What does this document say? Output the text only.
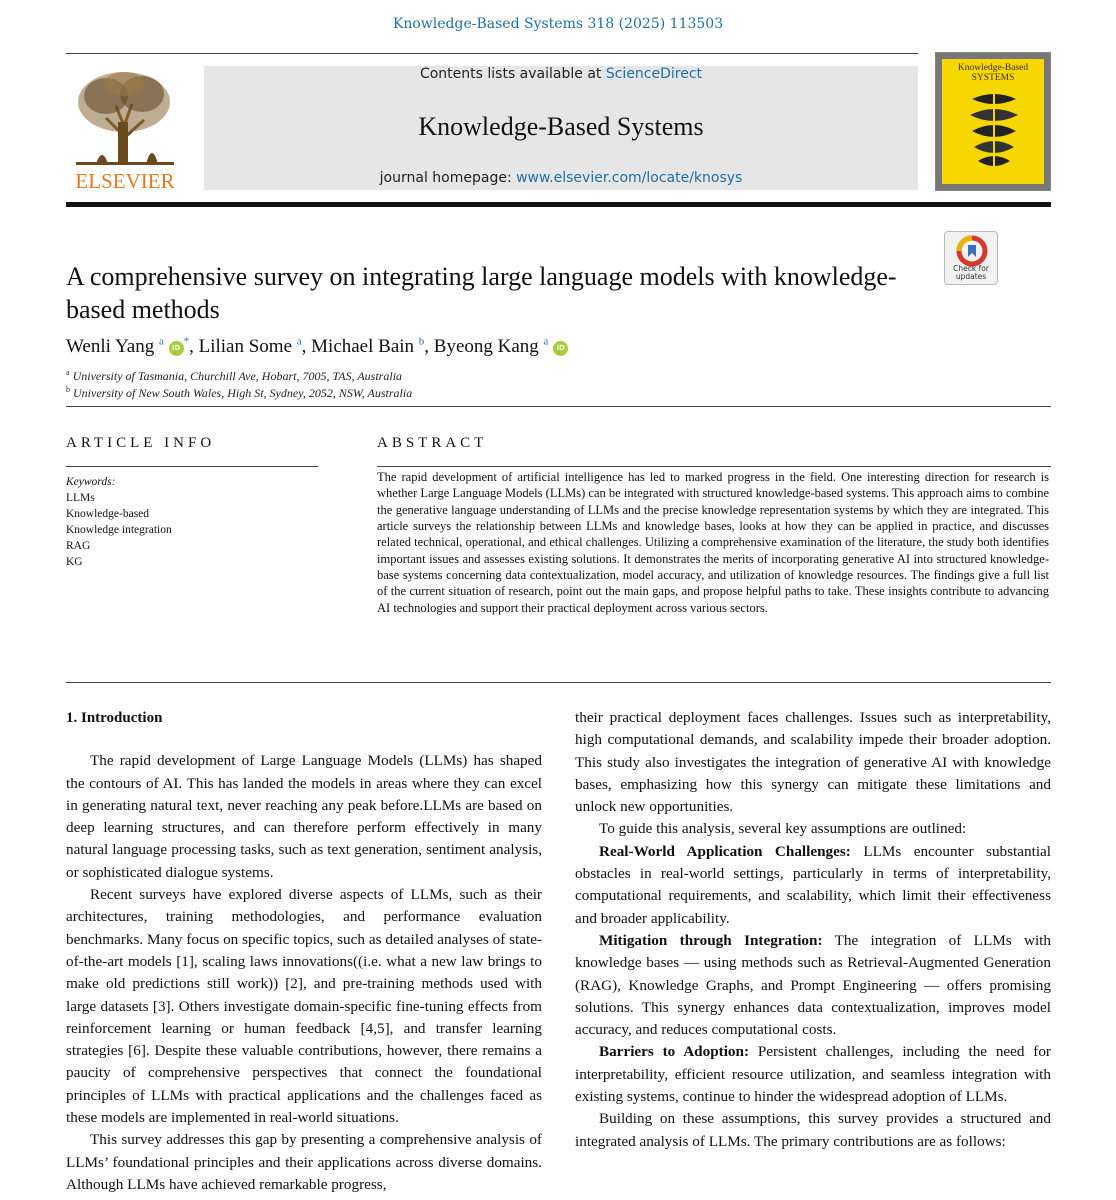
Knowledge-Based Systems 318 (2025) 113503
ELSEVIER
Contents lists available at ScienceDirect
Knowledge-Based Systems
journal homepage: www.elsevier.com/locate/knosys
Knowledge-Based SYSTEMS
Check for updates
A comprehensive survey on integrating large language models with knowledge-based methods
Wenli Yang $^a$ iD*, Lilian Some $^a$, Michael Bain $^b$, Byeong Kang $^a$ iD
$^a$ University of Tasmania, Churchill Ave, Hobart, 7005, TAS, Australia
$^b$ University of New South Wales, High St, Sydney, 2052, NSW, Australia
ARTICLE INFO	ABSTRACT
Keywords:
LLMs
Knowledge-based
Knowledge integration
RAG
KG

The rapid development of artificial intelligence has led to marked progress in the field. One interesting direction for research is whether Large Language Models (LLMs) can be integrated with structured knowledge-based systems. This approach aims to combine the generative language understanding of LLMs and the precise knowledge representation systems by which they are integrated. This article surveys the relationship between LLMs and knowledge bases, looks at how they can be applied in practice, and discusses related technical, operational, and ethical challenges. Utilizing a comprehensive examination of the literature, the study both identifies important issues and assesses existing solutions. It demonstrates the merits of incorporating generative AI into structured knowledge-base systems concerning data contextualization, model accuracy, and utilization of knowledge resources. The findings give a full list of the current situation of research, point out the main gaps, and propose helpful paths to take. These insights contribute to advancing AI technologies and support their practical deployment across various sectors.

1. Introduction

The rapid development of Large Language Models (LLMs) has shaped the contours of AI. This has landed the models in areas where they can excel in generating natural text, never reaching any peak before.LLMs are based on deep learning structures, and can therefore perform effectively in many natural language processing tasks, such as text generation, sentiment analysis, or sophisticated dialogue systems.

Recent surveys have explored diverse aspects of LLMs, such as their architectures, training methodologies, and performance evaluation benchmarks. Many focus on specific topics, such as detailed analyses of state-of-the-art models [1], scaling laws innovations((i.e. what a new law brings to make old predictions still work)) [2], and pre-training methods used with large datasets [3]. Others investigate domain-specific fine-tuning effects from reinforcement learning or human feedback [4,5], and transfer learning strategies [6]. Despite these valuable contributions, however, there remains a paucity of comprehensive perspectives that connect the foundational principles of LLMs with practical applications and the challenges faced as these models are implemented in real-world situations.

This survey addresses this gap by presenting a comprehensive analysis of LLMs’ foundational principles and their applications across diverse domains. Although LLMs have achieved remarkable progress,

their practical deployment faces challenges. Issues such as interpretability, high computational demands, and scalability impede their broader adoption. This study also investigates the integration of generative AI with knowledge bases, emphasizing how this synergy can mitigate these limitations and unlock new opportunities.

To guide this analysis, several key assumptions are outlined:

Real-World Application Challenges: LLMs encounter substantial obstacles in real-world settings, particularly in terms of interpretability, computational requirements, and scalability, which limit their effectiveness and broader applicability.

Mitigation through Integration: The integration of LLMs with knowledge bases — using methods such as Retrieval-Augmented Generation (RAG), Knowledge Graphs, and Prompt Engineering — offers promising solutions. This synergy enhances data contextualization, improves model accuracy, and reduces computational costs.

Barriers to Adoption: Persistent challenges, including the need for interpretability, efficient resource utilization, and seamless integration with existing systems, continue to hinder the widespread adoption of LLMs.

Building on these assumptions, this survey provides a structured and integrated analysis of LLMs. The primary contributions are as follows:
